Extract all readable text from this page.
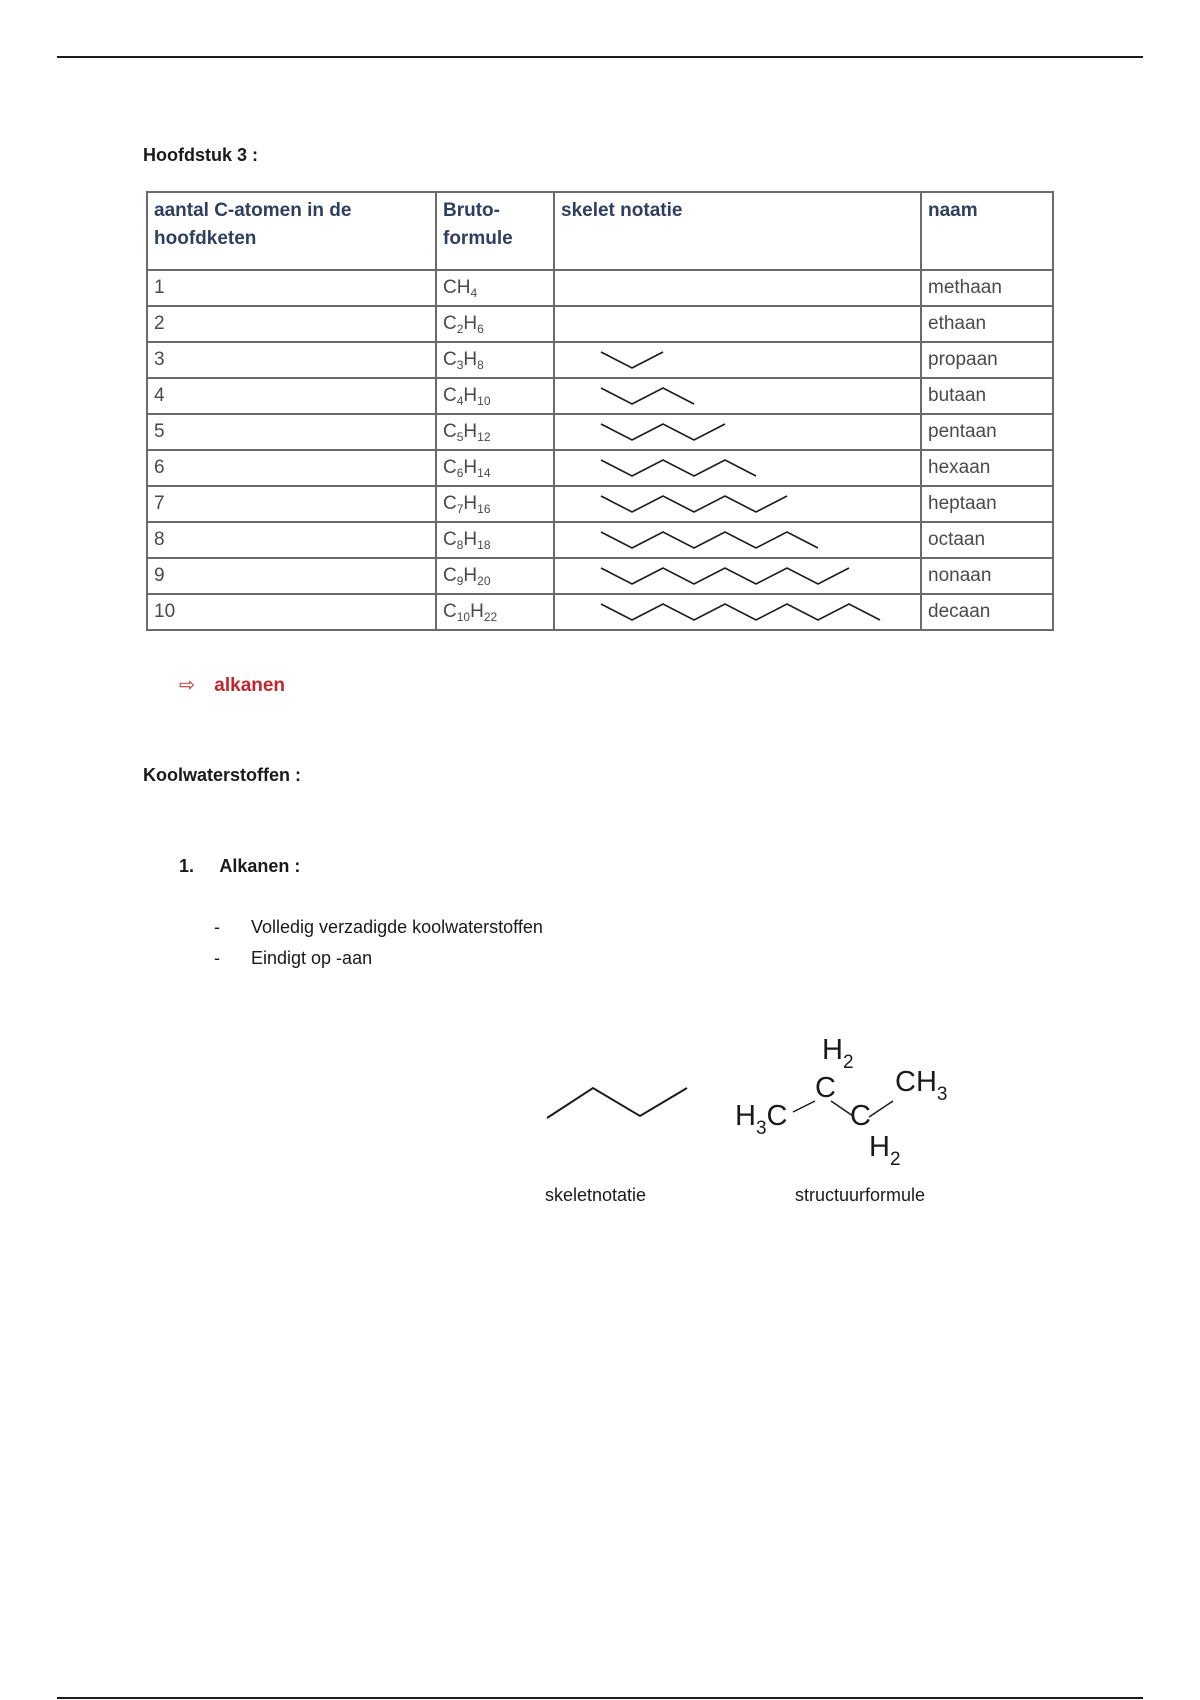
Hoofdstuk 3 :
aantal C-atomen in de hoofdketen	Bruto-formule	skelet notatie	naam
1	$CH_4$		methaan
2	$C_2H_6$		ethaan
3	$C_3H_8$		propaan
4	$C_4H_{10}$		butaan
5	$C_5H_{12}$		pentaan
6	$C_6H_{14}$		hexaan
7	$C_7H_{16}$		heptaan
8	$C_8H_{18}$		octaan
9	$C_9H_{20}$		nonaan
10	$C_{10}H_{22}$		decaan
⇨ alkanen
Koolwaterstoffen :
1. Alkanen :
- Volledig verzadigde koolwaterstoffen
- Eindigt op -aan
$H_3C$
$H_2$
C
C
$H_2$
$CH_3$
skeletnotatie	structuurformule
